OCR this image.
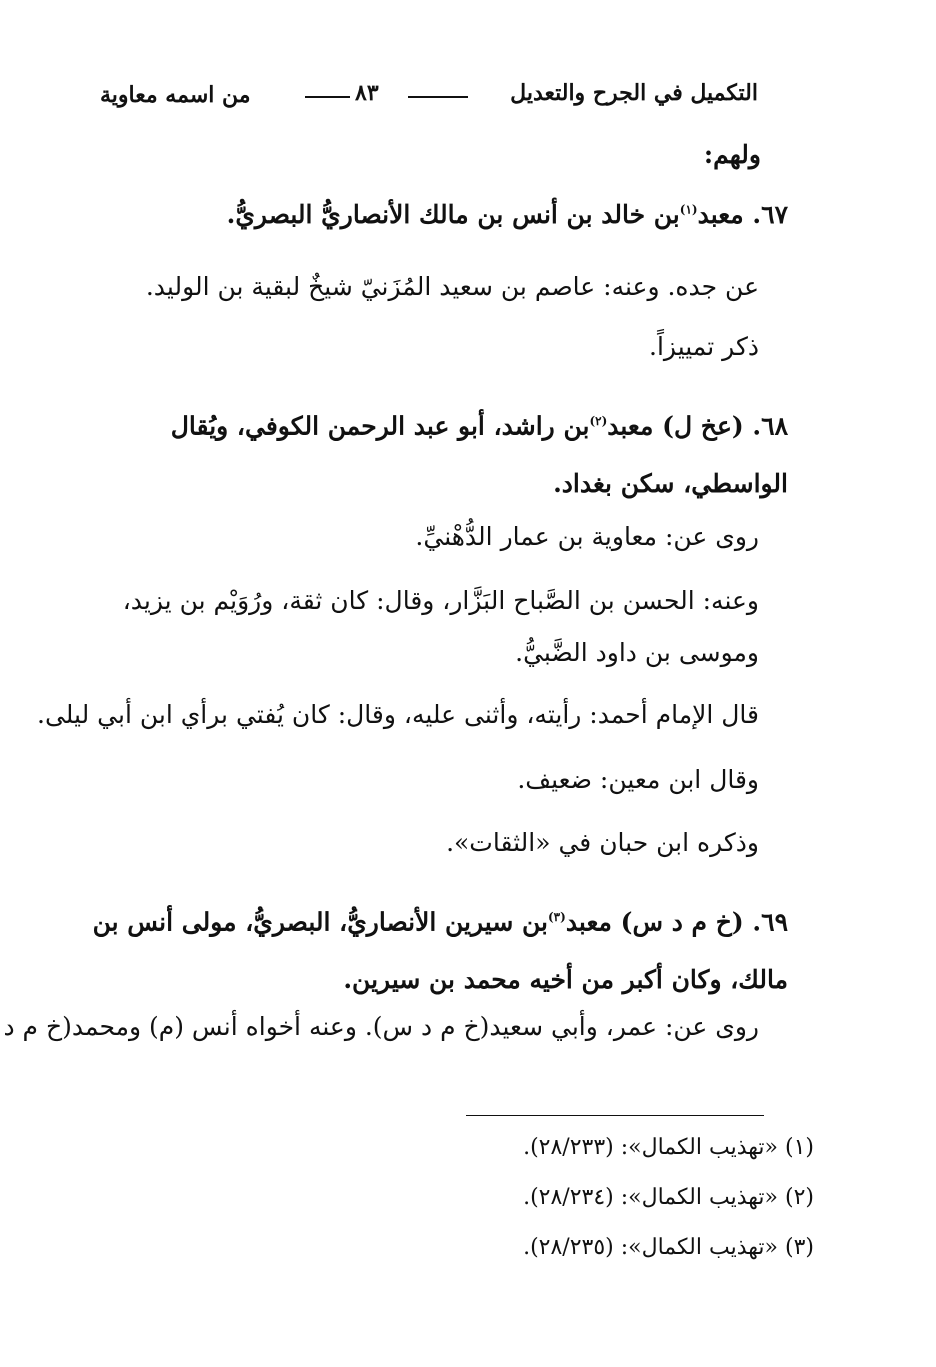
التكميل في الجرح والتعديل
٨٣
من اسمه معاوية
ولهم:
٦٧. معبد$^{(١)}$بن خالد بن أنس بن مالك الأنصاريُّ البصريُّ.
عن جده. وعنه: عاصم بن سعيد المُزَنيّ شيخٌ لبقية بن الوليد.
ذكر تمييزاً.
٦٨. (عخ ل) معبد$^{(٢)}$بن راشد، أبو عبد الرحمن الكوفي، ويُقال الواسطي، سكن بغداد.
روى عن: معاوية بن عمار الدُّهْنيِّ.
وعنه: الحسن بن الصَّباح البَزَّار، وقال: كان ثقة، ورُوَيْم بن يزيد، وموسى بن داود الضَّبيُّ.
قال الإمام أحمد: رأيته، وأثنى عليه، وقال: كان يُفتي برأي ابن أبي ليلى.
وقال ابن معين: ضعيف.
وذكره ابن حبان في «الثقات».
٦٩. (خ م د س) معبد$^{(٣)}$بن سيرين الأنصاريُّ، البصريُّ، مولى أنس بن مالك، وكان أكبر من أخيه محمد بن سيرين.
روى عن: عمر، وأبي سعيد(خ م د س). وعنه أخواه أنس (م) ومحمد(خ م د
(١) «تهذيب الكمال»: (٢٨/٢٣٣).
(٢) «تهذيب الكمال»: (٢٨/٢٣٤).
(٣) «تهذيب الكمال»: (٢٨/٢٣٥).
